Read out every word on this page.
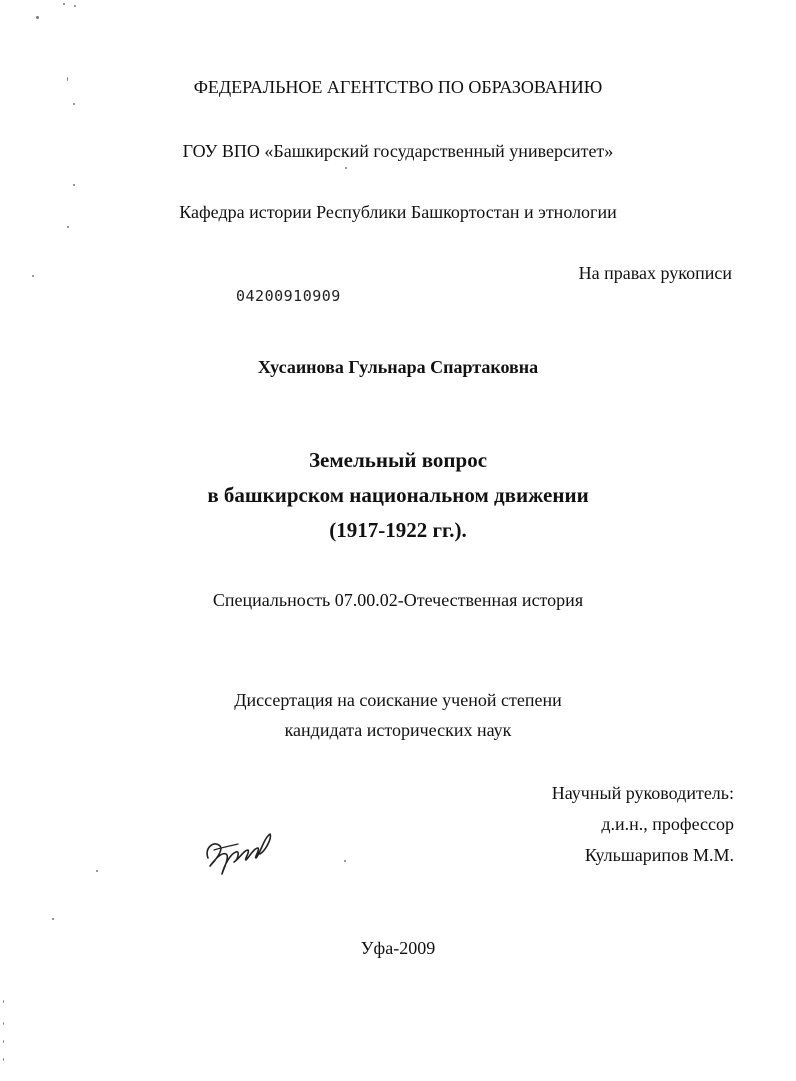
ФЕДЕРАЛЬНОЕ АГЕНТСТВО ПО ОБРАЗОВАНИЮ
ГОУ ВПО «Башкирский государственный университет»
Кафедра истории Республики Башкортостан и этнологии
На правах рукописи
04200910909
Хусаинова Гульнара Спартаковна
Земельный вопрос
в башкирском национальном движении
(1917-1922 гг.).
Специальность 07.00.02-Отечественная история
Диссертация на соискание ученой степени
кандидата исторических наук
Научный руководитель:
д.и.н., профессор
Кульшарипов М.М.
Уфа-2009
